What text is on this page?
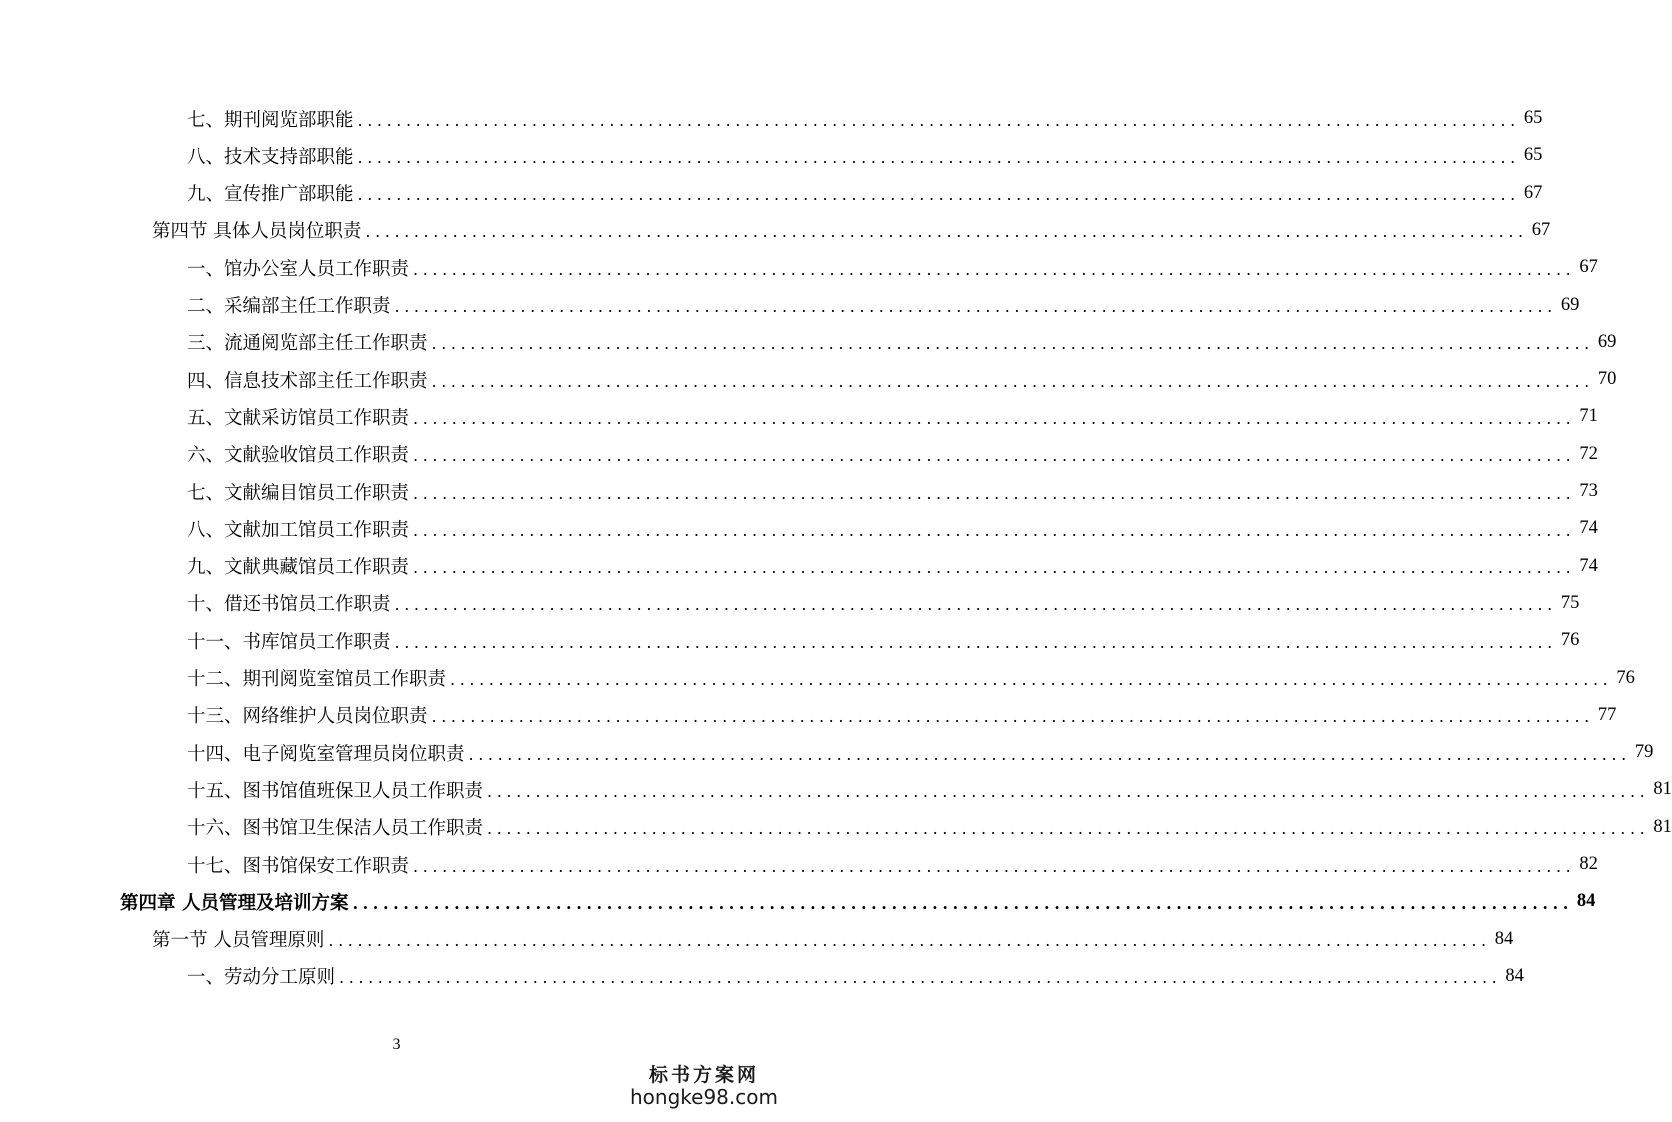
七、期刊阅览部职能 ........................................................................................................................ 65
八、技术支持部职能 ........................................................................................................................ 65
九、宣传推广部职能 ........................................................................................................................ 67
第四节 具体人员岗位职责 ........................................................................................................................ 67
一、馆办公室人员工作职责 ........................................................................................................................ 67
二、采编部主任工作职责 ........................................................................................................................ 69
三、流通阅览部主任工作职责 ........................................................................................................................ 69
四、信息技术部主任工作职责 ........................................................................................................................ 70
五、文献采访馆员工作职责 ........................................................................................................................ 71
六、文献验收馆员工作职责 ........................................................................................................................ 72
七、文献编目馆员工作职责 ........................................................................................................................ 73
八、文献加工馆员工作职责 ........................................................................................................................ 74
九、文献典藏馆员工作职责 ........................................................................................................................ 74
十、借还书馆员工作职责 ........................................................................................................................ 75
十一、书库馆员工作职责 ........................................................................................................................ 76
十二、期刊阅览室馆员工作职责 ........................................................................................................................ 76
十三、网络维护人员岗位职责 ........................................................................................................................ 77
十四、电子阅览室管理员岗位职责 ........................................................................................................................ 79
十五、图书馆值班保卫人员工作职责 ........................................................................................................................ 81
十六、图书馆卫生保洁人员工作职责 ........................................................................................................................ 81
十七、图书馆保安工作职责 ........................................................................................................................ 82
第四章 人员管理及培训方案 ........................................................................................................................ 84
第一节 人员管理原则 ........................................................................................................................ 84
一、劳动分工原则 ........................................................................................................................ 84
3
标书方案网
hongke98.com
